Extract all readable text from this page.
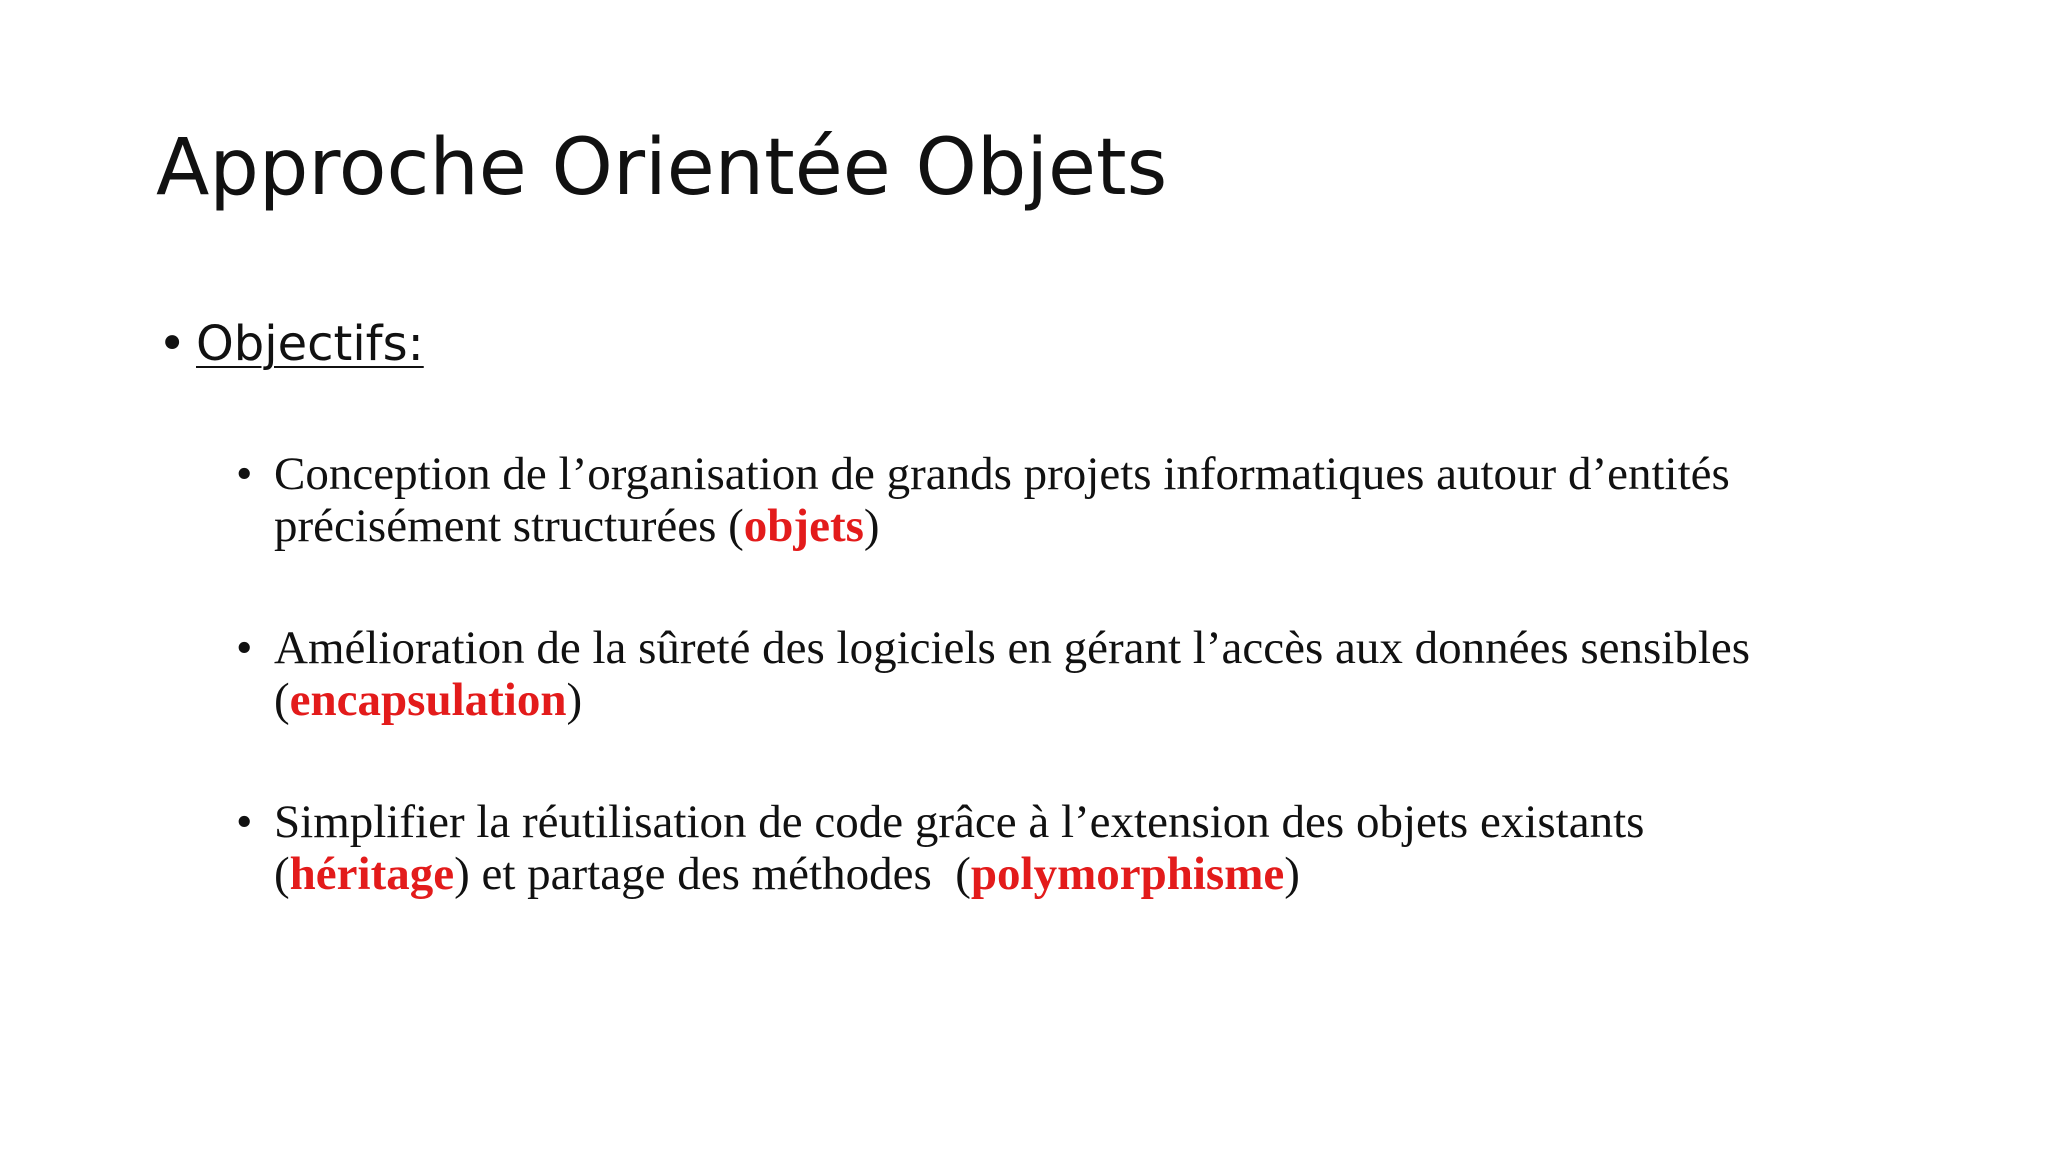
Approche Orientée Objets
• Objectifs:
• Conception de l’organisation de grands projets informatiques autour d’entités
précisément structurées (objets)
• Amélioration de la sûreté des logiciels en gérant l’accès aux données sensibles
(encapsulation)
• Simplifier la réutilisation de code grâce à l’extension des objets existants
(héritage) et partage des méthodes  (polymorphisme)
